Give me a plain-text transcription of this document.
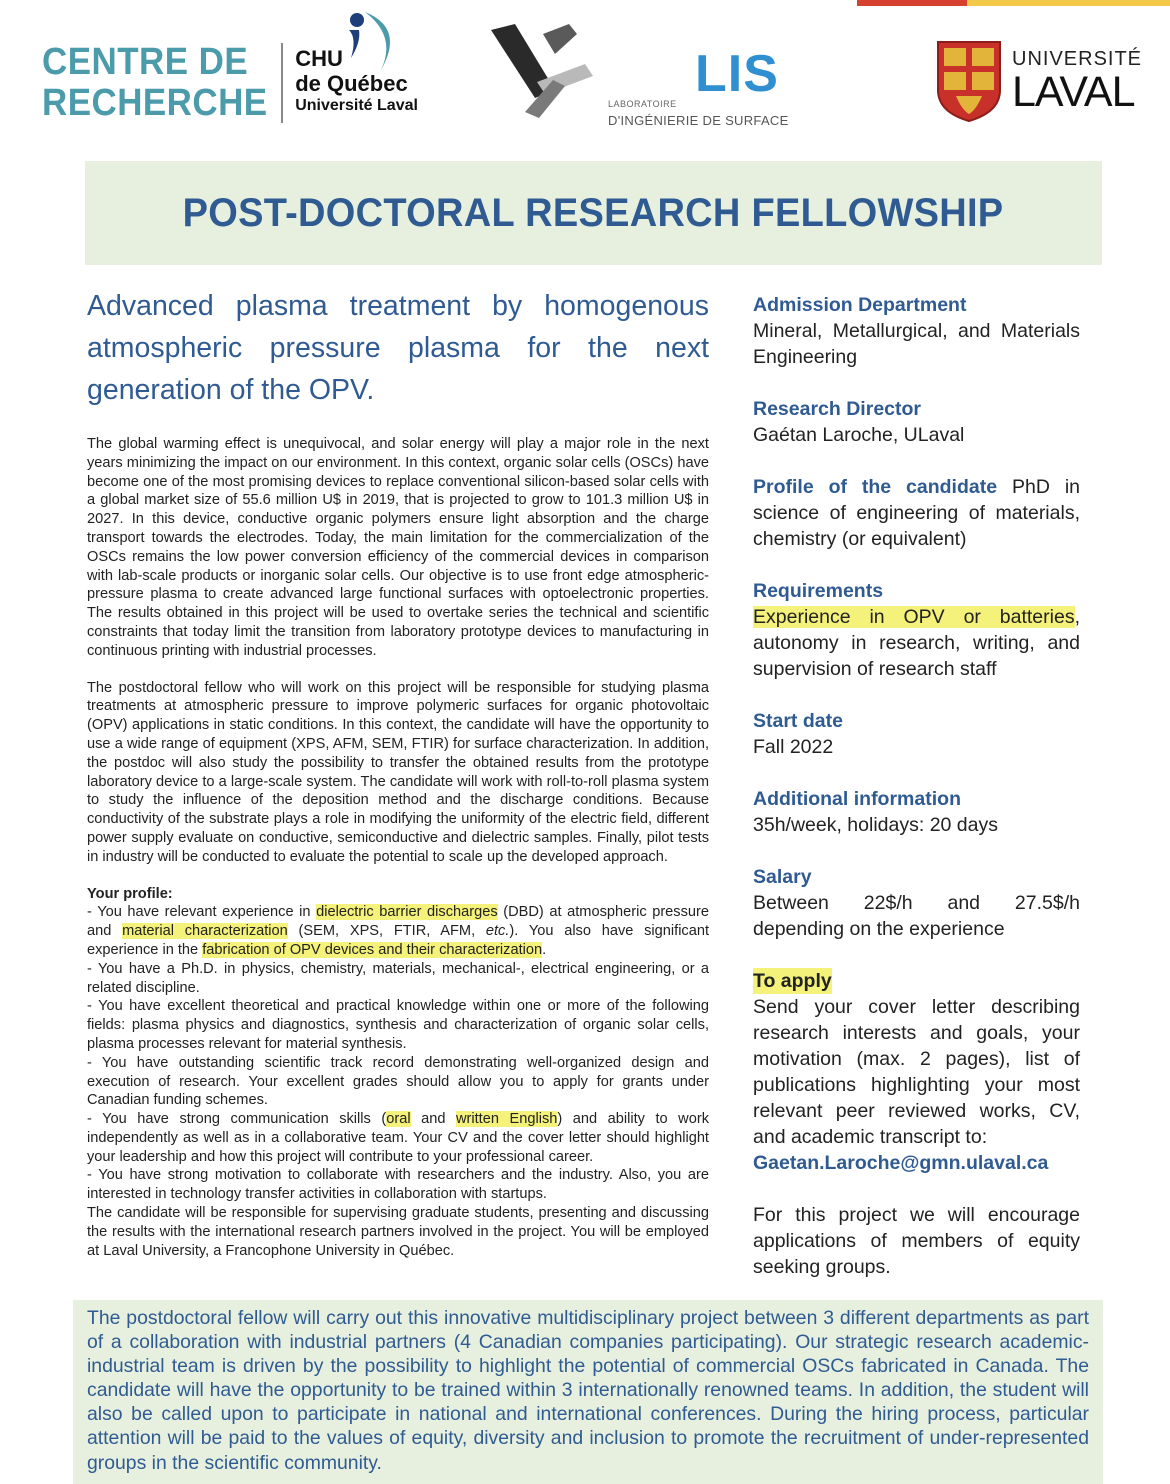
CENTRE DE
RECHERCHE
CHU
de Québec
Université Laval
LIS
LABORATOIRE
D'INGÉNIERIE DE SURFACE
UNIVERSITÉ
LAVAL
POST-DOCTORAL RESEARCH FELLOWSHIP
Advanced plasma treatment by homogenous atmospheric pressure plasma for the next generation of the OPV.

The global warming effect is unequivocal, and solar energy will play a major role in the next years minimizing the impact on our environment. In this context, organic solar cells (OSCs) have become one of the most promising devices to replace conventional silicon-based solar cells with a global market size of 55.6 million U$ in 2019, that is projected to grow to 101.3 million U$ in 2027. In this device, conductive organic polymers ensure light absorption and the charge transport towards the electrodes. Today, the main limitation for the commercialization of the OSCs remains the low power conversion efficiency of the commercial devices in comparison with lab-scale products or inorganic solar cells. Our objective is to use front edge atmospheric-pressure plasma to create advanced large functional surfaces with optoelectronic properties. The results obtained in this project will be used to overtake series the technical and scientific constraints that today limit the transition from laboratory prototype devices to manufacturing in continuous printing with industrial processes.

The postdoctoral fellow who will work on this project will be responsible for studying plasma treatments at atmospheric pressure to improve polymeric surfaces for organic photovoltaic (OPV) applications in static conditions. In this context, the candidate will have the opportunity to use a wide range of equipment (XPS, AFM, SEM, FTIR) for surface characterization. In addition, the postdoc will also study the possibility to transfer the obtained results from the prototype laboratory device to a large-scale system. The candidate will work with roll-to-roll plasma system to study the influence of the deposition method and the discharge conditions. Because conductivity of the substrate plays a role in modifying the uniformity of the electric field, different power supply evaluate on conductive, semiconductive and dielectric samples. Finally, pilot tests in industry will be conducted to evaluate the potential to scale up the developed approach.

Your profile:

- You have relevant experience in dielectric barrier discharges (DBD) at atmospheric pressure and material characterization (SEM, XPS, FTIR, AFM, etc.). You also have significant experience in the fabrication of OPV devices and their characterization.

- You have a Ph.D. in physics, chemistry, materials, mechanical-, electrical engineering, or a related discipline.

- You have excellent theoretical and practical knowledge within one or more of the following fields: plasma physics and diagnostics, synthesis and characterization of organic solar cells, plasma processes relevant for material synthesis.

- You have outstanding scientific track record demonstrating well-organized design and execution of research. Your excellent grades should allow you to apply for grants under Canadian funding schemes.

- You have strong communication skills (oral and written English) and ability to work independently as well as in a collaborative team. Your CV and the cover letter should highlight your leadership and how this project will contribute to your professional career.

- You have strong motivation to collaborate with researchers and the industry. Also, you are interested in technology transfer activities in collaboration with startups.

The candidate will be responsible for supervising graduate students, presenting and discussing the results with the international research partners involved in the project. You will be employed at Laval University, a Francophone University in Québec.

Admission Department
Mineral, Metallurgical, and Materials Engineering
Research Director
Gaétan Laroche, ULaval
Profile of the candidate PhD in science of engineering of materials, chemistry (or equivalent)
Requirements
Experience in OPV or batteries, autonomy in research, writing, and supervision of research staff
Start date
Fall 2022
Additional information
35h/week, holidays: 20 days
Salary
Between 22$/h and 27.5$/h depending on the experience
To apply
Send your cover letter describing research interests and goals, your motivation (max. 2 pages), list of publications highlighting your most relevant peer reviewed works, CV, and academic transcript to:
Gaetan.Laroche@gmn.ulaval.ca
For this project we will encourage applications of members of equity seeking groups.

The postdoctoral fellow will carry out this innovative multidisciplinary project between 3 different departments as part of a collaboration with industrial partners (4 Canadian companies participating). Our strategic research academic-industrial team is driven by the possibility to highlight the potential of commercial OSCs fabricated in Canada. The candidate will have the opportunity to be trained within 3 internationally renowned teams. In addition, the student will also be called upon to participate in national and international conferences. During the hiring process, particular attention will be paid to the values of equity, diversity and inclusion to promote the recruitment of under-represented groups in the scientific community.
